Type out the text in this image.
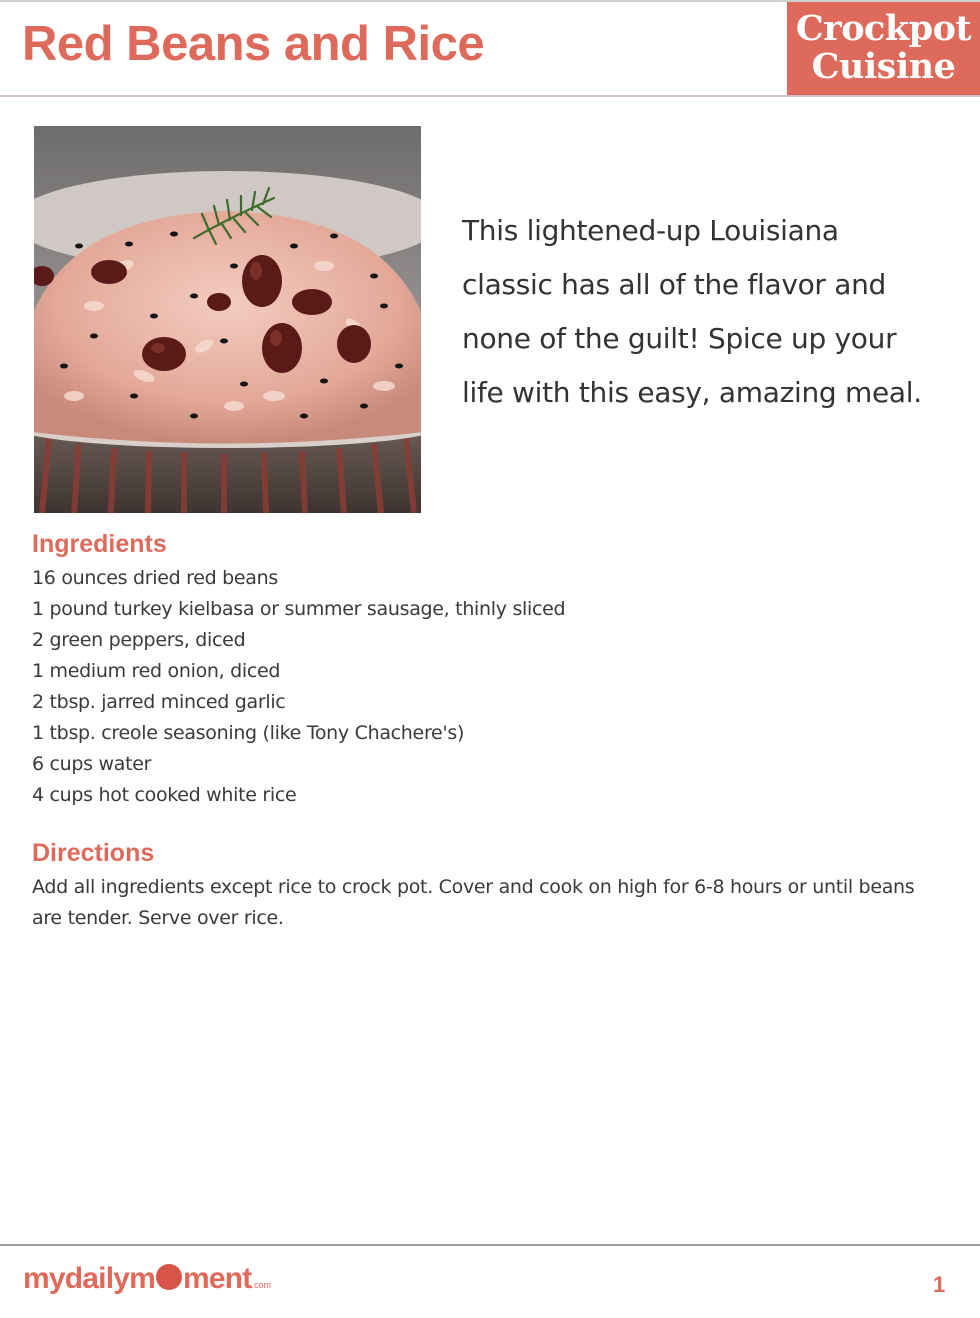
Red Beans and Rice	Crockpot
Cuisine

This lightened-up Louisiana
classic has all of the flavor and
none of the guilt! Spice up your
life with this easy, amazing meal.

Ingredients
16 ounces dried red beans
1 pound turkey kielbasa or summer sausage, thinly sliced
2 green peppers, diced
1 medium red onion, diced
2 tbsp. jarred minced garlic
1 tbsp. creole seasoning (like Tony Chachere's)
6 cups water
4 cups hot cooked white rice
Directions

Add all ingredients except rice to crock pot. Cover and cook on high for 6-8 hours or until beans are tender. Serve over rice.

mydailym ment.com	1
